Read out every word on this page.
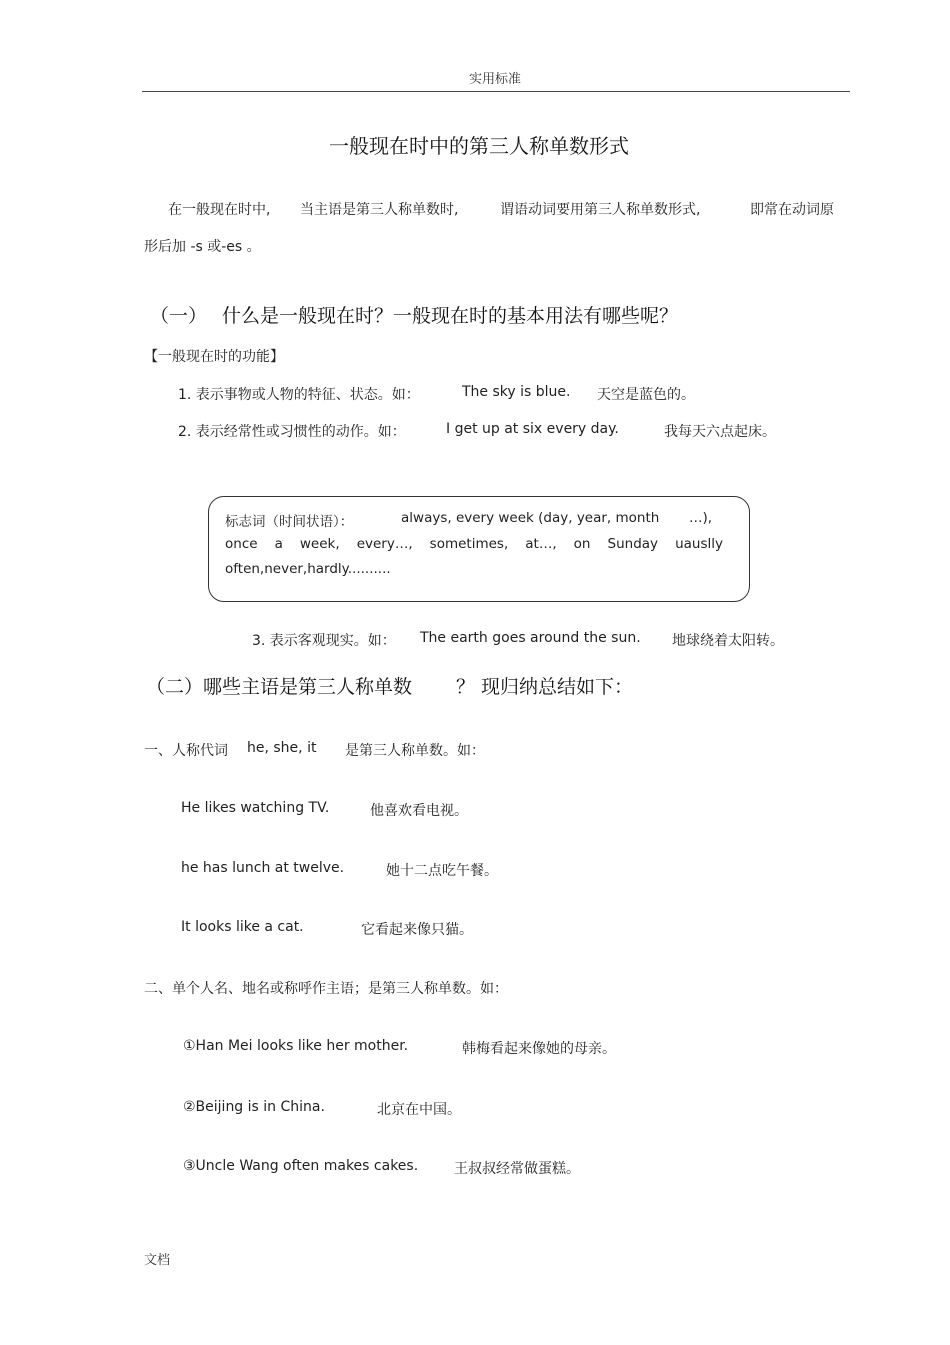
实用标准
一般现在时中的第三人称单数形式
在一般现在时中, 当主语是第三人称单数时,	谓语动词要用第三人称单数形式,	即常在动词原
形后加 -s 或-es 。
（一） 什么是一般现在时？一般现在时的基本用法有哪些呢？
【一般现在时的功能】
1. 表示事物或人物的特征、状态。如：	The sky is blue. 天空是蓝色的。
2. 表示经常性或习惯性的动作。如：	I get up at six every day.	我每天六点起床。
标志词（时间状语）：	always, every week (day, year, month …),
once a week, every…, sometimes, at…, on Sunday uauslly
often,never,hardly..........
3. 表示客观现实。如： The earth goes around the sun. 地球绕着太阳转。
（二）哪些主语是第三人称单数 ？ 现归纳总结如下：
一、人称代词 he, she, it 是第三人称单数。如：
He likes watching TV.	他喜欢看电视。
he has lunch at twelve.	她十二点吃午餐。
It looks like a cat.	它看起来像只猫。
二、单个人名、地名或称呼作主语；是第三人称单数。如：
①Han Mei looks like her mother.	韩梅看起来像她的母亲。
②Beijing is in China.	北京在中国。
③Uncle Wang often makes cakes.	王叔叔经常做蛋糕。
文档
